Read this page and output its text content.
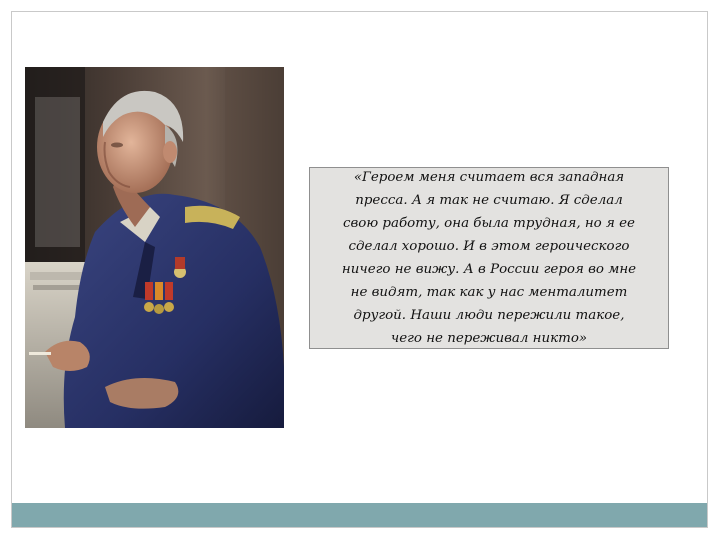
«Героем меня считает вся западная
пресса. А я так не считаю. Я сделал
свою работу, она была трудная, но я ее
сделал хорошо. И в этом героического
ничего не вижу. А в России героя во мне
не видят, так как у нас менталитет
другой. Наши люди пережили такое,
чего не переживал никто»
